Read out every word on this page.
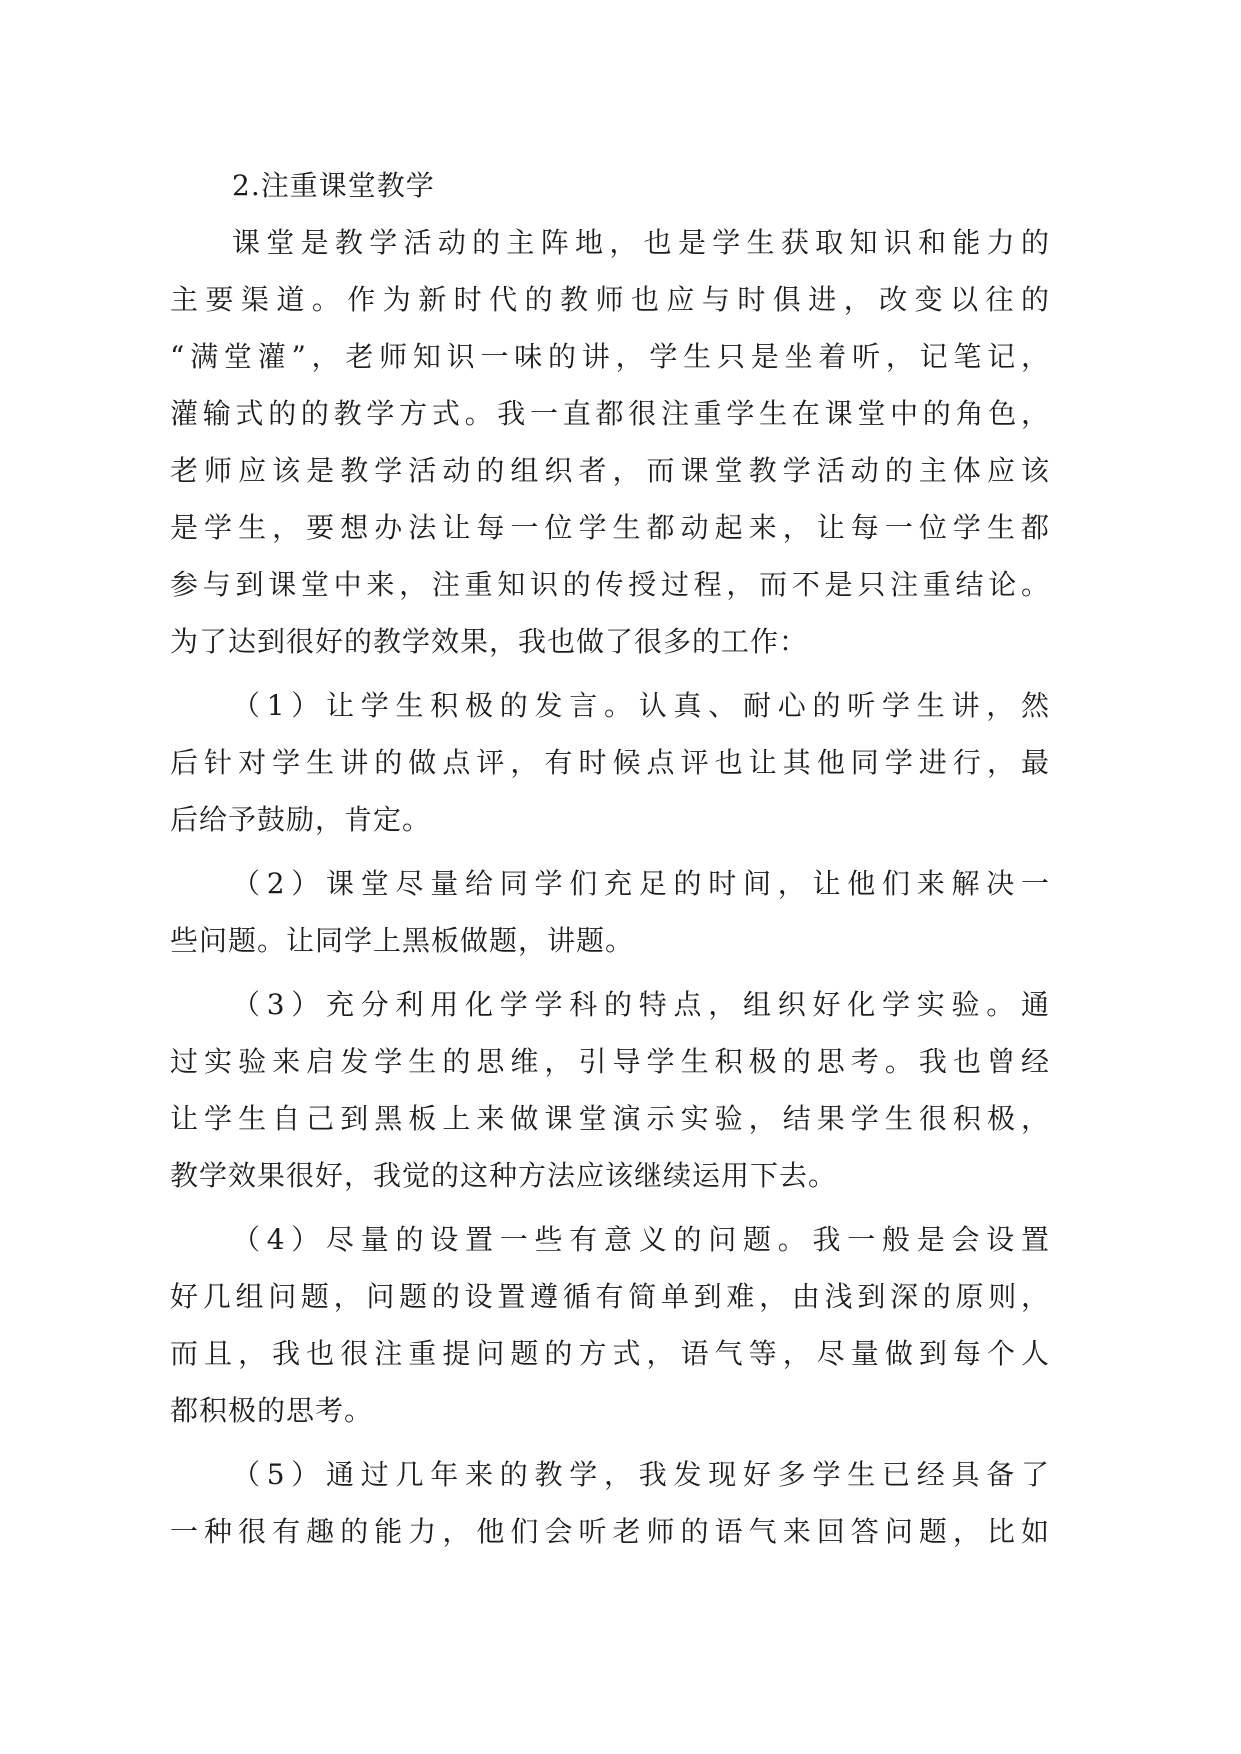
2.注重课堂教学
课堂是教学活动的主阵地，也是学生获取知识和能力的
主要渠道。作为新时代的教师也应与时俱进，改变以往的
“满堂灌”，老师知识一味的讲，学生只是坐着听，记笔记，
灌输式的的教学方式。我一直都很注重学生在课堂中的角色，
老师应该是教学活动的组织者，而课堂教学活动的主体应该
是学生，要想办法让每一位学生都动起来，让每一位学生都
参与到课堂中来，注重知识的传授过程，而不是只注重结论。
为了达到很好的教学效果，我也做了很多的工作：
（1）让学生积极的发言。认真、耐心的听学生讲，然
后针对学生讲的做点评，有时候点评也让其他同学进行，最
后给予鼓励，肯定。
（2）课堂尽量给同学们充足的时间，让他们来解决一
些问题。让同学上黑板做题，讲题。
（3）充分利用化学学科的特点，组织好化学实验。通
过实验来启发学生的思维，引导学生积极的思考。我也曾经
让学生自己到黑板上来做课堂演示实验，结果学生很积极，
教学效果很好，我觉的这种方法应该继续运用下去。
（4）尽量的设置一些有意义的问题。我一般是会设置
好几组问题，问题的设置遵循有简单到难，由浅到深的原则，
而且，我也很注重提问题的方式，语气等，尽量做到每个人
都积极的思考。
（5）通过几年来的教学，我发现好多学生已经具备了
一种很有趣的能力，他们会听老师的语气来回答问题，比如
